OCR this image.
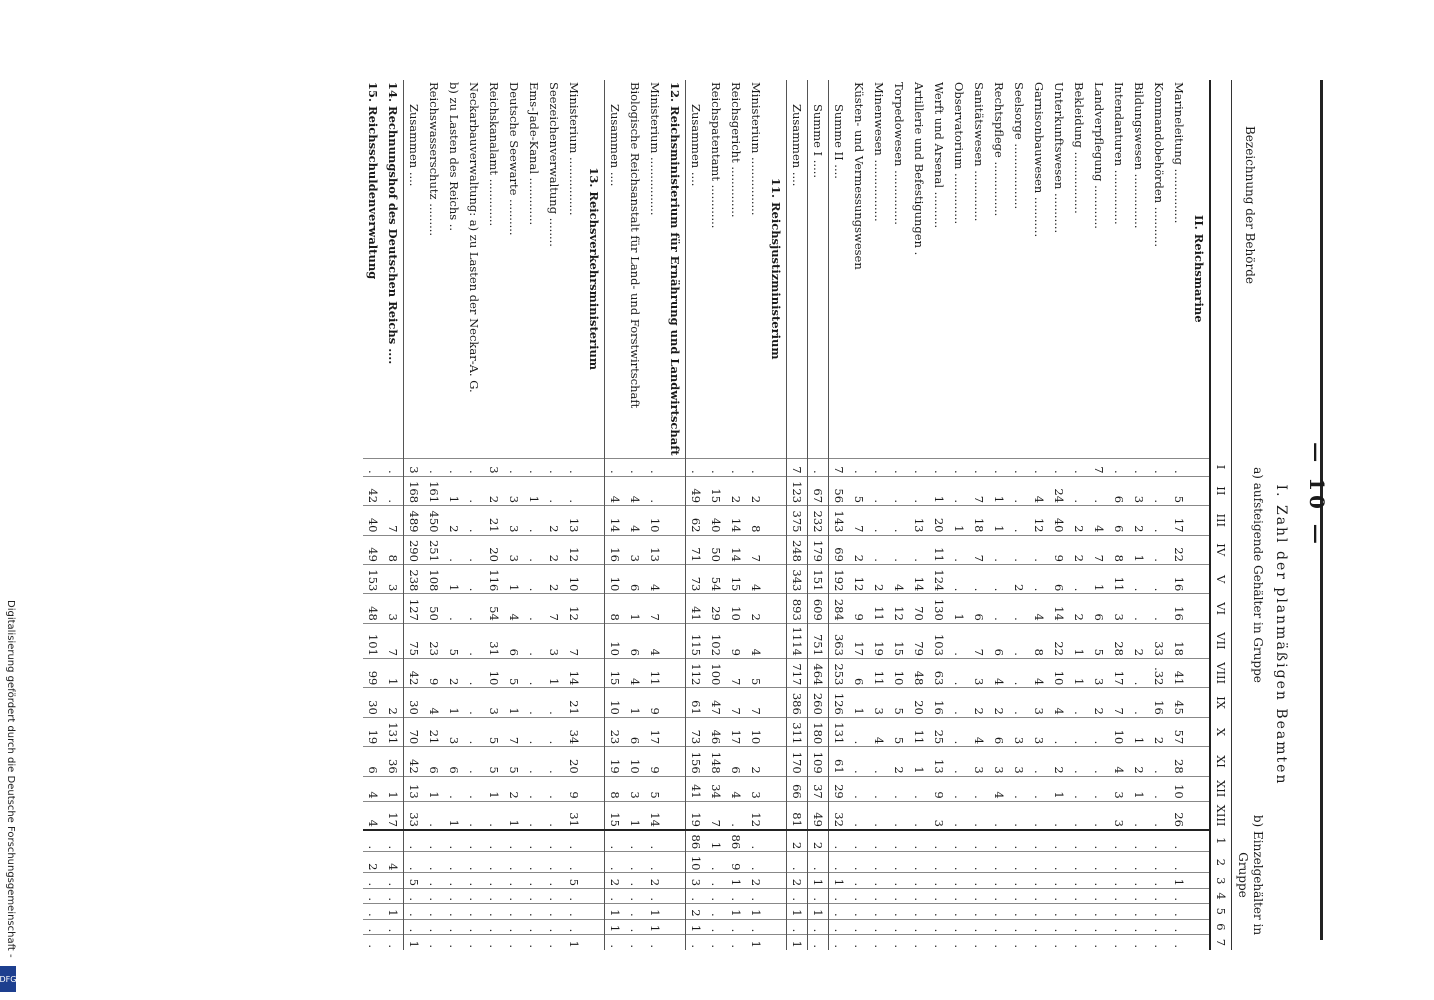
— 10 —
I. Zahl der planmäßigen Beamten
a) aufsteigende Gehälter in Gruppe
b) Einzelgehälter in Gruppe
Bezeichnung der Behörde
	I	II	III	IV	V	VI	VII	VIII	IX	X	XI	XII	XIII	1	2	3	4	5	6	7
II. Reichsmarine																				
Marineleitung ...............	.	5	17	22	16	16	18	41	45	57	28	10	26	.	.	1	.	.	.	.
Kommandobehörden ...........	.	.	.	.	.	.	33	.32	16	2	.	.	.	.	.	.	.	.	.	.
Bildungswesen ...............	.	3	2	1	.	.	2	.	.	1	2	1	.	.	.	.	.	.	.	.
Intendanturen ...............	.	6	6	8	11	3	28	17	7	10	4	3	3	.	.	.	.	.	.	.
Landverpflegung ............	7	.	4	7	1	6	5	3	2	.	.	.	.	.	.	.	.	.	.	.
Bekleidung .................	.	.	2	2	.	2	1	1	.	.	.	.	.	.	.	.	.	.	.	.
Unterkunftswesen ...........	.	24	40	9	6	14	22	10	4	.	2	1	.	.	.	.	.	.	.	.
Garnisonbauwesen ...........	.	4	12	.	.	4	8	4	3	3	.	.	.	.	.	.	.	.	.	.
Seelsorge ..................	.	.	.	.	2	.	.	.	.	3	3	.	.	.	.	.	.	.	.	.
Rechtspflege ...............	.	1	1	.	.	.	6	4	2	6	3	4	.	.	.	.	.	.	.	.
Sanitätswesen ..............	.	7	18	7	.	6	7	3	2	4	3	.	.	.	.	.	.	.	.	.
Observatorium ..............	.	.	1	.	.	1	.	.	.	.	.	.	.	.	.	.	.	.	.	.
Werft und Arsenal ..........	.	1	20	11	124	130	103	63	16	25	13	9	3	.	.	.	.	.	.	.
Artillerie und Befestigungen .	.	.	13	.	14	70	79	48	20	11	1	.	.	.	.	.	.	.	.	.
Torpedowesen ...............	.	.	.	.	4	12	15	10	5	5	2	.	.	.	.	.	.	.	.	.
Minenwesen .................	.	.	.	.	2	11	19	11	3	4	.	.	.	.	.	.	.	.	.	.
Küsten- und Vermessungswesen	.	5	7	2	12	9	17	6	1	.	.	.	.	.	.	.	.	.	.	.
Summe II ....	7	56	143	69	192	284	363	253	126	131	61	29	32	.	.	1	.	.	.	.
Summe I .....	.	67	232	179	151	609	751	464	260	180	109	37	49	2	.	1	.	1	.	.
Zusammen ....	7	123	375	248	343	893	1114	717	386	311	170	66	81	2	.	2	.	1	.	1
11. Reichsjustizministerium																				
Ministerium ................	.	2	8	7	4	2	4	5	7	10	2	3	12	.	.	2	.	1	.	1
Reichsgericht ..............	.	2	14	14	15	10	9	7	7	17	6	4	.	86	9	1	.	1	.	.
Reichspatentamt ............	.	15	40	50	54	29	102	100	47	46	148	34	7	1	.	.	.	.	.	.
Zusammen ....	.	49	62	71	73	41	115	112	61	73	156	41	19	86	10	3	.	2	1	.
12. Reichsministerium für Ernährung und Landwirtschaft																				
Ministerium ................	.	.	10	13	4	7	4	11	9	17	9	5	14	.	.	2	.	1	1	.
Biologische Reichsanstalt für Land- und Forstwirtschaft	.	4	4	3	6	1	6	4	1	6	10	3	1	.	.	.	.	.	.	.
Zusammen ....	.	4	14	16	10	8	10	15	10	23	19	8	15	.	.	2	.	1	1	.
13. Reichsverkehrsministerium																				
Ministerium ................	.	.	13	12	10	12	7	14	21	34	20	9	31	.	.	5	.	.	.	1
Seezeichenverwaltung ........	.	.	2	2	2	7	3	1	.	.	.	.	.	.	.	.	.	.	.	.
Ems-Jade-Kanal .............	.	1	.	.	.	.	.	.	.	.	.	.	.	.	.	.	.	.	.	.
Deutsche Seewarte ..........	.	3	3	3	1	4	6	5	1	7	5	2	1	.	.	.	.	.	.	.
Reichskanalamt .............	3	2	21	20	116	54	31	10	3	5	5	1	.	.	.	.	.	.	.	.
Neckarbauverwaltung: a) zu Lasten der Neckar-A. G.	.	.	.	.	.	.	.	.	.	.	.	.	.	.	.	.	.	.	.	.
b) zu Lasten des Reichs ..	.	1	2	.	1	.	5	2	1	3	6	.	1	.	.	.	.	.	.	.
Reichswasserschutz .........	.	161	450	251	108	50	23	9	4	21	6	1	.	.	.	.	.	.	.	.
Zusammen ....	3	168	489	290	238	127	75	42	30	70	42	13	33	.	.	5	.	.	.	1
14. Rechnungshof des Deutschen Reichs ....	.	.	7	8	3	3	7	1	2	131	36	1	17	.	4	.	.	1	.	.
15. Reichsschuldenverwaltung	.	42	40	49	153	48	101	99	30	19	6	4	4	.	2	.	.	.	.	.
Digitalisierung gefördert durch die Deutsche Forschungsgemeinschaft -
DFG
